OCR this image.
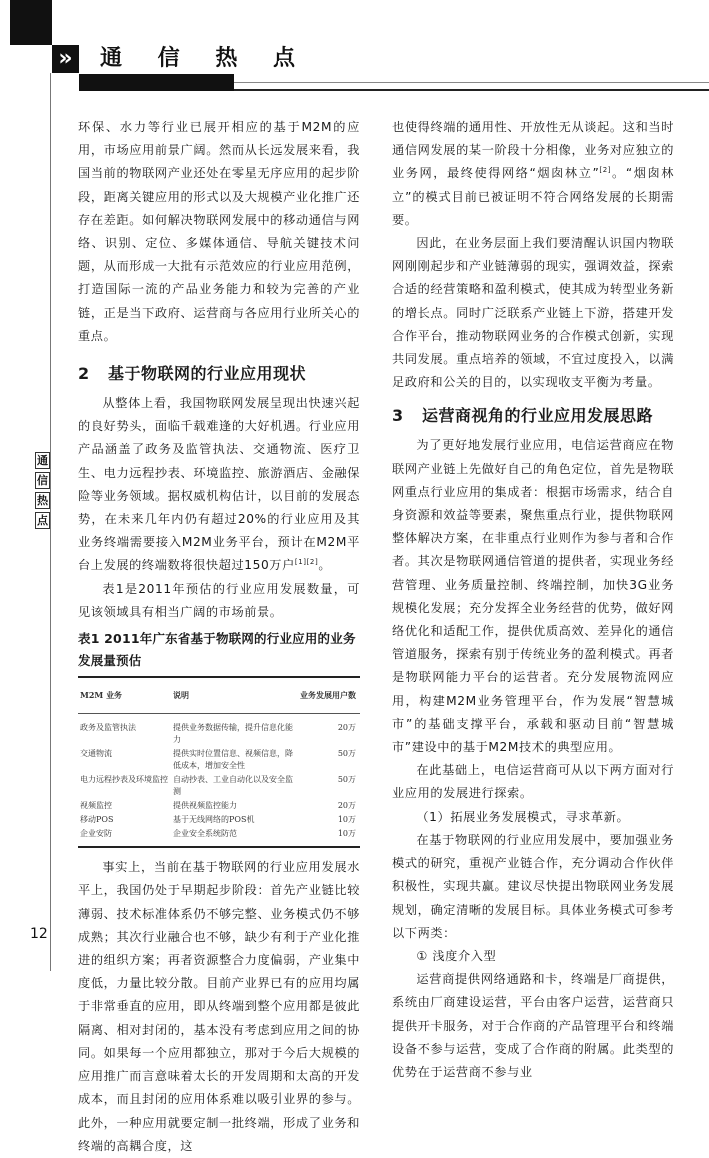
» 通 信 热 点
通
信
热
点
12

环保、水力等行业已展开相应的基于M2M的应用，市场应用前景广阔。然而从长远发展来看，我国当前的物联网产业还处在零星无序应用的起步阶段，距离关键应用的形式以及大规模产业化推广还存在差距。如何解决物联网发展中的移动通信与网络、识别、定位、多媒体通信、导航关键技术问题，从而形成一大批有示范效应的行业应用范例，打造国际一流的产品业务能力和较为完善的产业链，正是当下政府、运营商与各应用行业所关心的重点。

2 基于物联网的行业应用现状

从整体上看，我国物联网发展呈现出快速兴起的良好势头，面临千载难逢的大好机遇。行业应用产品涵盖了政务及监管执法、交通物流、医疗卫生、电力远程抄表、环境监控、旅游酒店、金融保险等业务领域。据权威机构估计，以目前的发展态势，在未来几年内仍有超过20%的行业应用及其业务终端需要接入M2M业务平台，预计在M2M平台上发展的终端数将很快超过150万户[1][2]。

表1是2011年预估的行业应用发展数量，可见该领域具有相当广阔的市场前景。

表1 2011年广东省基于物联网的行业应用的业务发展量预估
M2M 业务	说明	业务发展用户数
政务及监管执法	提供业务数据传输，提升信息化能力	20万
交通物流	提供实时位置信息、视频信息，降低成本，增加安全性	50万
电力远程抄表及环境监控	自动抄表、工业自动化以及安全监测	50万
视频监控	提供视频监控能力	20万
移动POS	基于无线网络的POS机	10万
企业安防	企业安全系统防范	10万

事实上，当前在基于物联网的行业应用发展水平上，我国仍处于早期起步阶段：首先产业链比较薄弱、技术标准体系仍不够完整、业务模式仍不够成熟；其次行业融合也不够，缺少有利于产业化推进的组织方案；再者资源整合力度偏弱，产业集中度低，力量比较分散。目前产业界已有的应用均属于非常垂直的应用，即从终端到整个应用都是彼此隔离、相对封闭的，基本没有考虑到应用之间的协同。如果每一个应用都独立，那对于今后大规模的应用推广而言意味着太长的开发周期和太高的开发成本，而且封闭的应用体系难以吸引业界的参与。此外，一种应用就要定制一批终端，形成了业务和终端的高耦合度，这

也使得终端的通用性、开放性无从谈起。这和当时通信网发展的某一阶段十分相像，业务对应独立的业务网，最终使得网络“烟囱林立”[2]。“烟囱林立”的模式目前已被证明不符合网络发展的长期需要。

因此，在业务层面上我们要清醒认识国内物联网刚刚起步和产业链薄弱的现实，强调效益，探索合适的经营策略和盈利模式，使其成为转型业务新的增长点。同时广泛联系产业链上下游，搭建开发合作平台，推动物联网业务的合作模式创新，实现共同发展。重点培养的领域，不宜过度投入，以满足政府和公关的目的，以实现收支平衡为考量。

3 运营商视角的行业应用发展思路

为了更好地发展行业应用，电信运营商应在物联网产业链上先做好自己的角色定位，首先是物联网重点行业应用的集成者：根据市场需求，结合自身资源和效益等要素，聚焦重点行业，提供物联网整体解决方案，在非重点行业则作为参与者和合作者。其次是物联网通信管道的提供者，实现业务经营管理、业务质量控制、终端控制，加快3G业务规模化发展；充分发挥全业务经营的优势，做好网络优化和适配工作，提供优质高效、差异化的通信管道服务，探索有别于传统业务的盈利模式。再者是物联网能力平台的运营者。充分发展物流网应用，构建M2M业务管理平台，作为发展“智慧城市”的基础支撑平台，承载和驱动目前“智慧城市”建设中的基于M2M技术的典型应用。

在此基础上，电信运营商可从以下两方面对行业应用的发展进行探索。

（1）拓展业务发展模式，寻求革新。

在基于物联网的行业应用发展中，要加强业务模式的研究，重视产业链合作，充分调动合作伙伴积极性，实现共赢。建议尽快提出物联网业务发展规划，确定清晰的发展目标。具体业务模式可参考以下两类：

① 浅度介入型

运营商提供网络通路和卡，终端是厂商提供，系统由厂商建设运营，平台由客户运营，运营商只提供开卡服务，对于合作商的产品管理平台和终端设备不参与运营，变成了合作商的附属。此类型的优势在于运营商不参与业
